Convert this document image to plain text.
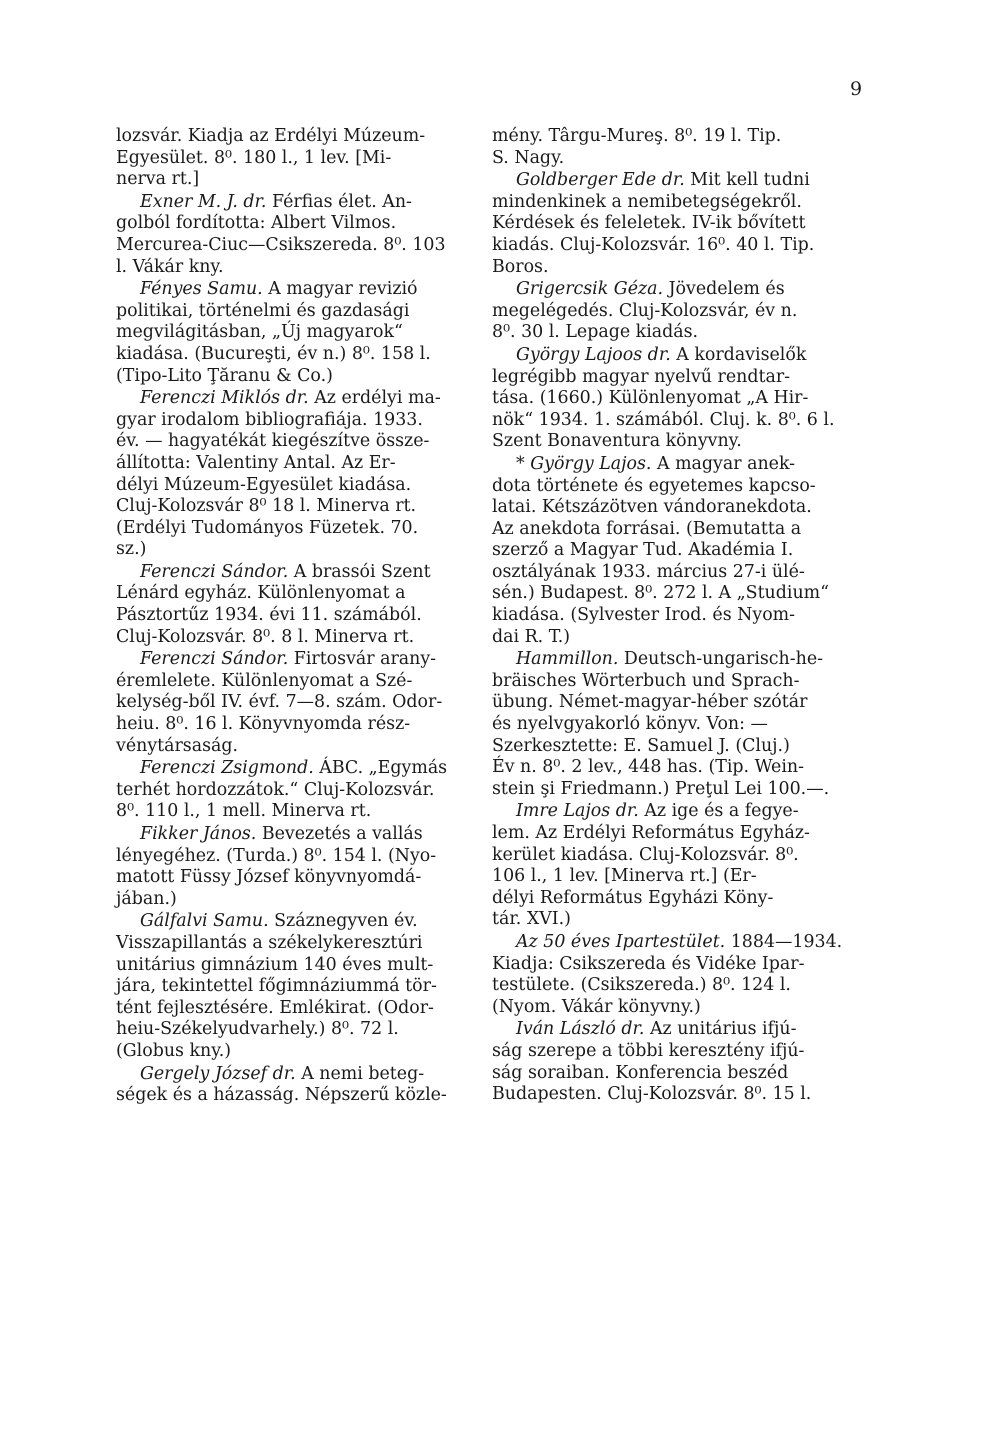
9
lozsvár. Kiadja az Erdélyi Múzeum-
Egyesület. 8⁰. 180 l., 1 lev. [Mi-
nerva rt.]
Exner M. J. dr. Férfias élet. An-
golból fordította: Albert Vilmos.
Mercurea-Ciuc—Csikszereda. 8⁰. 103
l. Vákár kny.
Fényes Samu. A magyar revizió
politikai, történelmi és gazdasági
megvilágitásban, „Új magyarok“
kiadása. (Bucureşti, év n.) 8⁰. 158 l.
(Tipo-Lito Ţăranu & Co.)
Ferenczi Miklós dr. Az erdélyi ma-
gyar irodalom bibliografiája. 1933.
év. — hagyatékát kiegészítve össze-
állította: Valentiny Antal. Az Er-
délyi Múzeum-Egyesület kiadása.
Cluj-Kolozsvár 8⁰ 18 l. Minerva rt.
(Erdélyi Tudományos Füzetek. 70.
sz.)
Ferenczi Sándor. A brassói Szent
Lénárd egyház. Különlenyomat a
Pásztortűz 1934. évi 11. számából.
Cluj-Kolozsvár. 8⁰. 8 l. Minerva rt.
Ferenczi Sándor. Firtosvár arany-
éremlelete. Különlenyomat a Szé-
kelység-ből IV. évf. 7—8. szám. Odor-
heiu. 8⁰. 16 l. Könyvnyomda rész-
vénytársaság.
Ferenczi Zsigmond. ÁBC. „Egymás
terhét hordozzátok.“ Cluj-Kolozsvár.
8⁰. 110 l., 1 mell. Minerva rt.
Fikker János. Bevezetés a vallás
lényegéhez. (Turda.) 8⁰. 154 l. (Nyo-
matott Füssy József könyvnyomdá-
jában.)
Gálfalvi Samu. Száznegyven év.
Visszapillantás a székelykeresztúri
unitárius gimnázium 140 éves mult-
jára, tekintettel főgimnáziummá tör-
tént fejlesztésére. Emlékirat. (Odor-
heiu-Székelyudvarhely.) 8⁰. 72 l.
(Globus kny.)
Gergely József dr. A nemi beteg-
ségek és a házasság. Népszerű közle-
mény. Târgu-Mureş. 8⁰. 19 l. Tip.
S. Nagy.
Goldberger Ede dr. Mit kell tudni
mindenkinek a nemibetegségekről.
Kérdések és feleletek. IV-ik bővített
kiadás. Cluj-Kolozsvár. 16⁰. 40 l. Tip.
Boros.
Grigercsik Géza. Jövedelem és
megelégedés. Cluj-Kolozsvár, év n.
8⁰. 30 l. Lepage kiadás.
György Lajoos dr. A kordaviselők
legrégibb magyar nyelvű rendtar-
tása. (1660.) Különlenyomat „A Hir-
nök“ 1934. 1. számából. Cluj. k. 8⁰. 6 l.
Szent Bonaventura könyvny.
* György Lajos. A magyar anek-
dota története és egyetemes kapcso-
latai. Kétszázötven vándoranekdota.
Az anekdota forrásai. (Bemutatta a
szerző a Magyar Tud. Akadémia I.
osztályának 1933. március 27-i ülé-
sén.) Budapest. 8⁰. 272 l. A „Studium“
kiadása. (Sylvester Irod. és Nyom-
dai R. T.)
Hammillon. Deutsch-ungarisch-he-
bräisches Wörterbuch und Sprach-
übung. Német-magyar-héber szótár
és nyelvgyakorló könyv. Von: —
Szerkesztette: E. Samuel J. (Cluj.)
Év n. 8⁰. 2 lev., 448 has. (Tip. Wein-
stein şi Friedmann.) Preţul Lei 100.—.
Imre Lajos dr. Az ige és a fegye-
lem. Az Erdélyi Református Egyház-
kerület kiadása. Cluj-Kolozsvár. 8⁰.
106 l., 1 lev. [Minerva rt.] (Er-
délyi Református Egyházi Köny-
tár. XVI.)
Az 50 éves Ipartestület. 1884—1934.
Kiadja: Csikszereda és Vidéke Ipar-
testülete. (Csikszereda.) 8⁰. 124 l.
(Nyom. Vákár könyvny.)
Iván László dr. Az unitárius ifjú-
ság szerepe a többi keresztény ifjú-
ság soraiban. Konferencia beszéd
Budapesten. Cluj-Kolozsvár. 8⁰. 15 l.
